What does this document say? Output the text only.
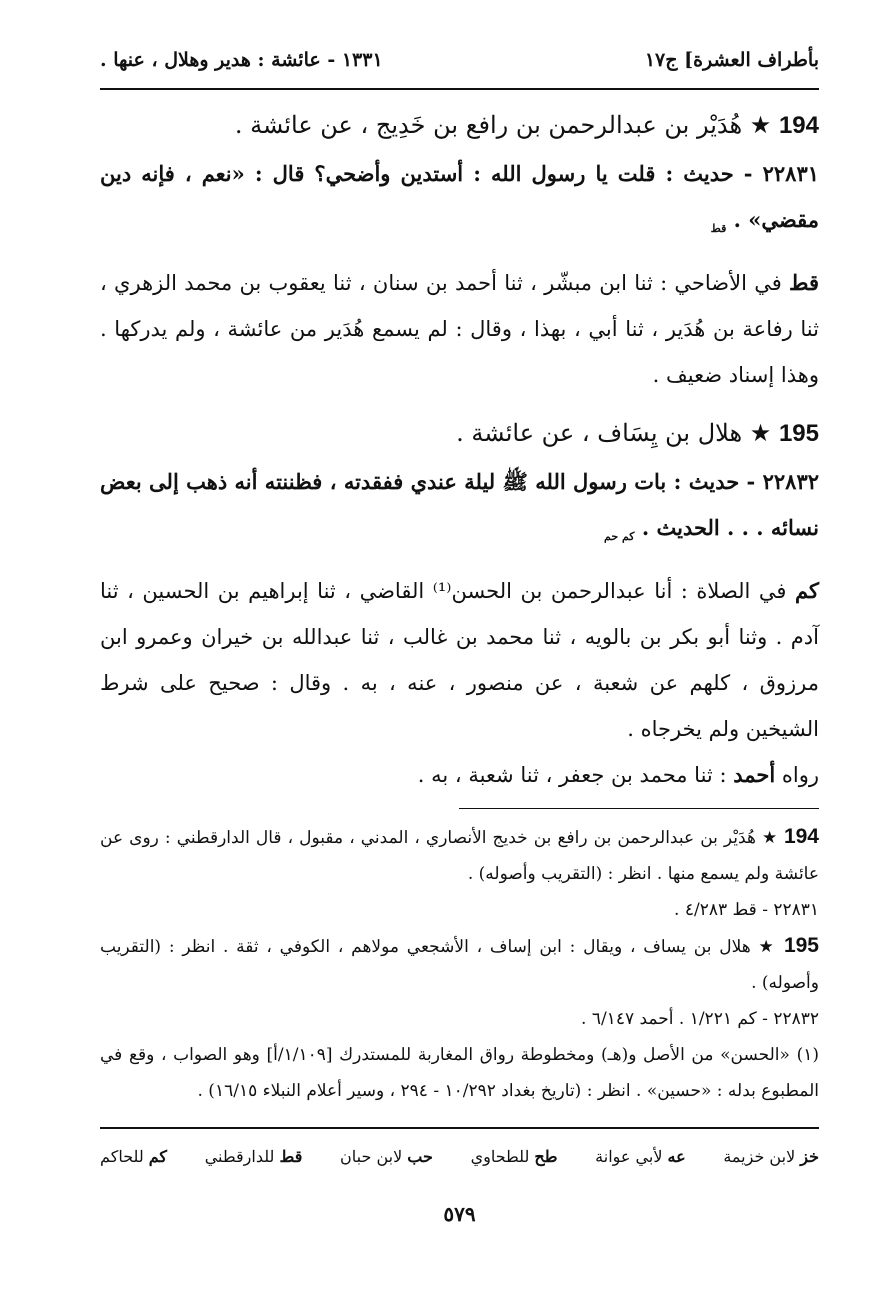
بأطراف العشرة] ج١٧
١٣٣١ - عائشة : هدير وهلال ، عنها .
194 ★ هُدَيْر بن عبدالرحمن بن رافع بن خَدِيج ، عن عائشة .

٢٢٨٣١ - حديث : قلت يا رسول الله : أستدين وأضحي؟ قال : «نعم ، فإنه دين مقضي» . $_{قط}$

قط في الأضاحي : ثنا ابن مبشّر ، ثنا أحمد بن سنان ، ثنا يعقوب بن محمد الزهري ، ثنا رفاعة بن هُدَير ، ثنا أبي ، بهذا ، وقال : لم يسمع هُدَير من عائشة ، ولم يدركها . وهذا إسناد ضعيف .

195 ★ هلال بن يِسَاف ، عن عائشة .

٢٢٨٣٢ - حديث : بات رسول الله ﷺ ليلة عندي ففقدته ، فظننته أنه ذهب إلى بعض نسائه . . . الحديث . $_{كم حم}$

كم في الصلاة : أنا عبدالرحمن بن الحسن⁽¹⁾ القاضي ، ثنا إبراهيم بن الحسين ، ثنا آدم . وثنا أبو بكر بن بالويه ، ثنا محمد بن غالب ، ثنا عبدالله بن خيران وعمرو ابن مرزوق ، كلهم عن شعبة ، عن منصور ، عنه ، به . وقال : صحيح على شرط الشيخين ولم يخرجاه .

رواه أحمد : ثنا محمد بن جعفر ، ثنا شعبة ، به .

194 ★ هُدَيْر بن عبدالرحمن بن رافع بن خديج الأنصاري ، المدني ، مقبول ، قال الدارقطني : روى عن عائشة ولم يسمع منها . انظر : (التقريب وأصوله) .

٢٢٨٣١ - قط ٤/٢٨٣ .

195 ★ هلال بن يساف ، ويقال : ابن إساف ، الأشجعي مولاهم ، الكوفي ، ثقة . انظر : (التقريب وأصوله) .

٢٢٨٣٢ - كم ١/٢٢١ . أحمد ٦/١٤٧ .

(١) «الحسن» من الأصل و(هـ) ومخطوطة رواق المغاربة للمستدرك [١/١٠٩/أ] وهو الصواب ، وقع في المطبوع بدله : «حسين» . انظر : (تاريخ بغداد ١٠/٢٩٢ - ٢٩٤ ، وسير أعلام النبلاء ١٦/١٥) .

خز لابن خزيمة
عه لأبي عوانة
طح للطحاوي
حب لابن حبان
قط للدارقطني
كم للحاكم
٥٧٩
